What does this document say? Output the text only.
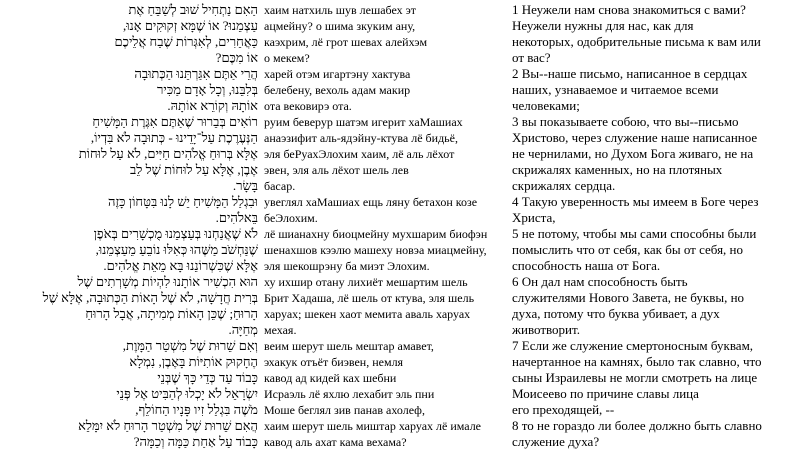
הַאִם נַתְחִיל שׁוּב לְשַׁבֵּחַ אֶת
עַצְמֵנוּ? אוֹ שֶׁמָּא זְקוּקִים אָנוּ,
כַּאֲחֵרִים, לְאִגְּרוֹת שֶׁבַח אֲלֵיכֶם
אוֹ מִכֶּם?
הֲרֵי אַתֶּם אִגַּרְתֵּנוּ הַכְּתוּבָה
בְּלִבֵּנוּ, וְכָל אָדָם מַכִּיר
אוֹתָהּ וְקוֹרֵא אוֹתָהּ.
רוֹאִים בְּבֵרוּר שֶׁאַתֶּם אִגֶּרֶת הַמָּשִׁיחַ
הַנְּעֶרֶכֶת עַל־יָדֵינוּ - כְּתוּבָה לֹא בִּדְיוֹ,
אֶלָּא בְּרוּחַ אֱלֹהִים חַיִּים, לֹא עַל לוּחוֹת
אֶבֶן, אֶלָּא עַל לוּחוֹת שֶׁל לֵב
בָּשָׂר.
וּבִגְלַל הַמָּשִׁיחַ יֵשׁ לָנוּ בִּטָּחוֹן כָּזֶה
בֵּאלֹהִים.
לֹא שֶׁאֲנַחְנוּ בְּעַצְמֵנוּ מֻכְשָׁרִים בְּאֹפֶן
שֶׁנַּחְשֹׁב מַשֶּׁהוּ כְּאִלּוּ נוֹבֵעַ מֵעַצְמֵנוּ,
אֶלָּא שֶׁכִּשְׁרוֹנֵנוּ בָּא מֵאֵת אֱלֹהִים.
הוּא הִכְשִׁיר אוֹתָנוּ לִהְיוֹת מְשָׁרְתִים שֶׁל
בְּרִית חֲדָשָׁה, לֹא שֶׁל הָאוֹת הַכְּתוּבָה, אֶלָּא שֶׁל
הָרוּחַ; שֶׁכֵּן הָאוֹת מְמִיתָה, אֲבָל הָרוּחַ
מְחַיָּה.
וְאִם שֵׁרוּת שֶׁל מִשְׁטַר הַמָּוֶת,
הֶחָקוּק אוֹתִיּוֹת בָּאֶבֶן, נִמְלָא
כָּבוֹד עַד כְּדֵי כָּךְ שֶׁבְּנֵי
יִשְׂרָאֵל לֹא יָכְלוּ לְהַבִּיט אֶל פְּנֵי
מֹשֶׁה בִּגְלַל זִיו פָּנָיו הַחוֹלֵף,
הֲאִם שֵׁרוּת שֶׁל מִשְׁטַר הָרוּחַ לֹא יִמָּלֵא
כָּבוֹד עַל אַחַת כַּמָּה וְכַמָּה?
хаим натхиль шув лешабех эт
ацмейну? о шима зкуким ану,
каэхрим, лё грот шевах алейхэм
о мекем?
харей отэм игартэну хактува
белебену, вехоль адам макир
ота вековирэ ота.
руим беверур шатэм игерит хаМашиах
анаэзифит аль-ядэйну-ктува лё бидьё,
эля беРуахЭлохим хаим, лё аль лёхот
эвен, эля аль лёхот шель лев
басар.
увеглял хаМашиах ещь ляну бетахон козе
беЭлохим.
лё шианахну биоцмейну мухшарим биофэн
шенахшов кээлю машеху новэа миацмейну,
эля шекошрэну ба миэт Элохим.
ху ихшир отану лихиёт мешартим шель
Брит Хадаша, лё шель от ктува, эля шель
харуах; шекен хаот мемита аваль харуах
мехая.
веим шерут шель мештар амавет,
эхакук отъёт биэвен, немля
кавод ад кидей ках шебни
Исраэль лё яхлю лехабит эль пни
Моше беглял зив панав ахолеф,
хаим шерут шель миштар харуах лё имале
кавод аль ахат кама вехама?
1 Неужели нам снова знакомиться с вами?
Неужели нужны для нас, как для
некоторых, одобрительные письма к вам или
от вас?
2 Вы--наше письмо, написанное в сердцах
наших, узнаваемое и читаемое всеми
человеками;
3 вы показываете собою, что вы--письмо
Христово, через служение наше написанное
не чернилами, но Духом Бога живаго, не на
скрижалях каменных, но на плотяных
скрижалях сердца.
4 Такую уверенность мы имеем в Боге через
Христа,
5 не потому, чтобы мы сами способны были
помыслить что от себя, как бы от себя, но
способность наша от Бога.
6 Он дал нам способность быть
служителями Нового Завета, не буквы, но
духа, потому что буква убивает, а дух
животворит.
7 Если же служение смертоносным буквам,
начертанное на камнях, было так славно, что
сыны Израилевы не могли смотреть на лице
Моисеево по причине славы лица
его преходящей, --
8 то не гораздо ли более должно быть славно
служение духа?
